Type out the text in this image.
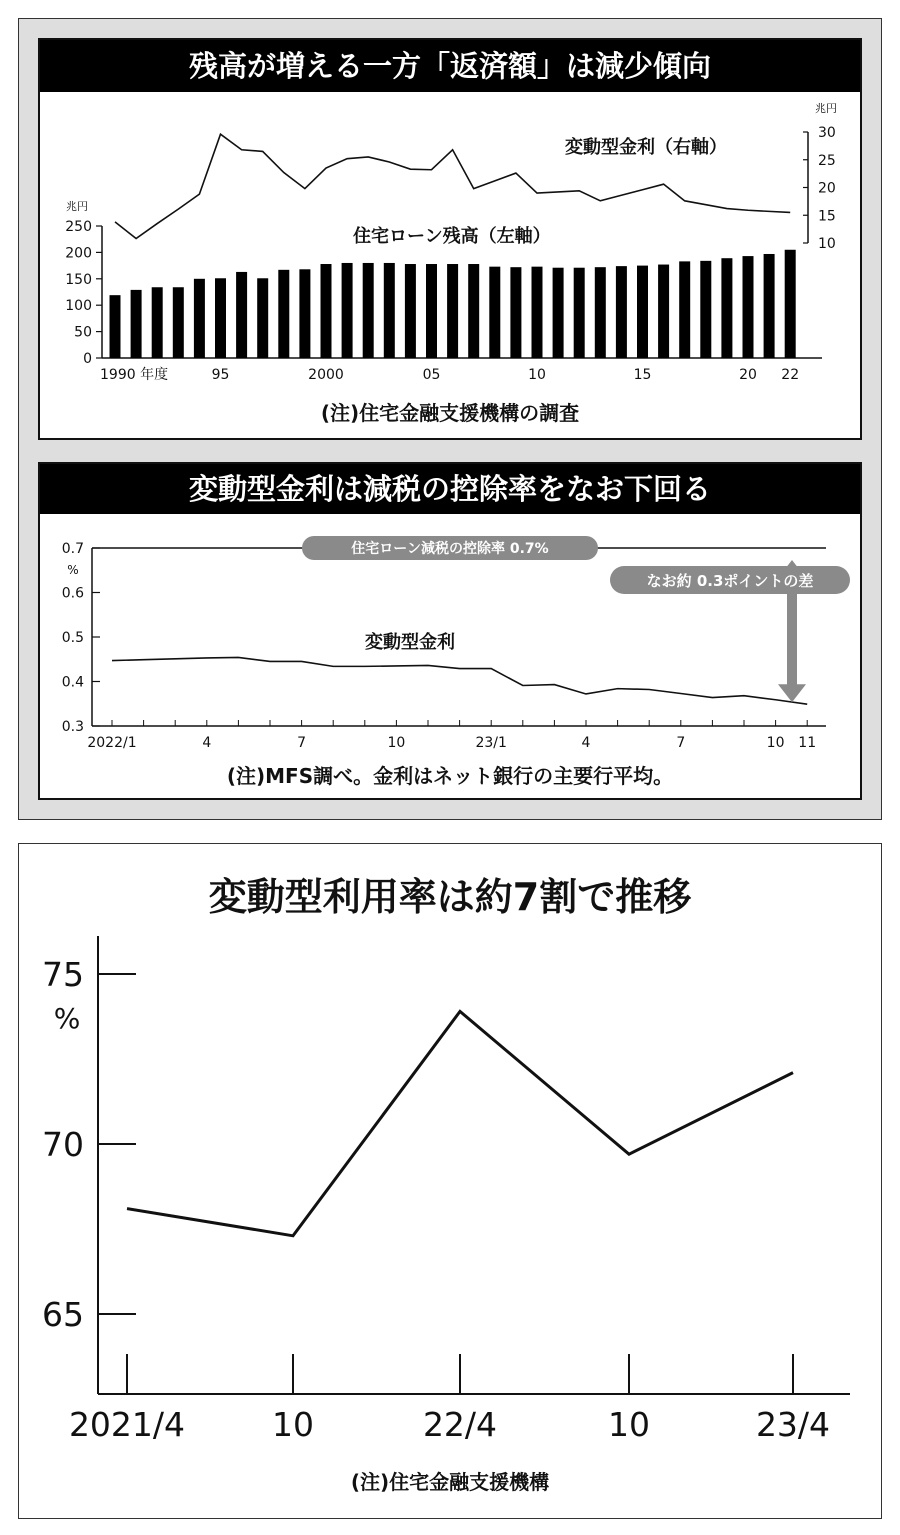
残高が増える一方「返済額」は減少傾向
兆円
0
50
100
150
200
250
1990 年度	95	2000	05	10	15	20 22
兆円
10
15
20
25
30
変動型金利（右軸）
住宅ローン残高（左軸）
(注)住宅金融支援機構の調査
変動型金利は減税の控除率をなお下回る
0.3
0.4
0.5
0.6
0.7
%
2022/1	4	7	10	23/1	4	7	10 11
住宅ローン減税の控除率 0.7%
変動型金利
なお約 0.3ポイントの差
(注)MFS調べ。金利はネット銀行の主要行平均。
変動型利用率は約7割で推移
65
70
75
%
2021/4	10	22/4	10	23/4
(注)住宅金融支援機構
